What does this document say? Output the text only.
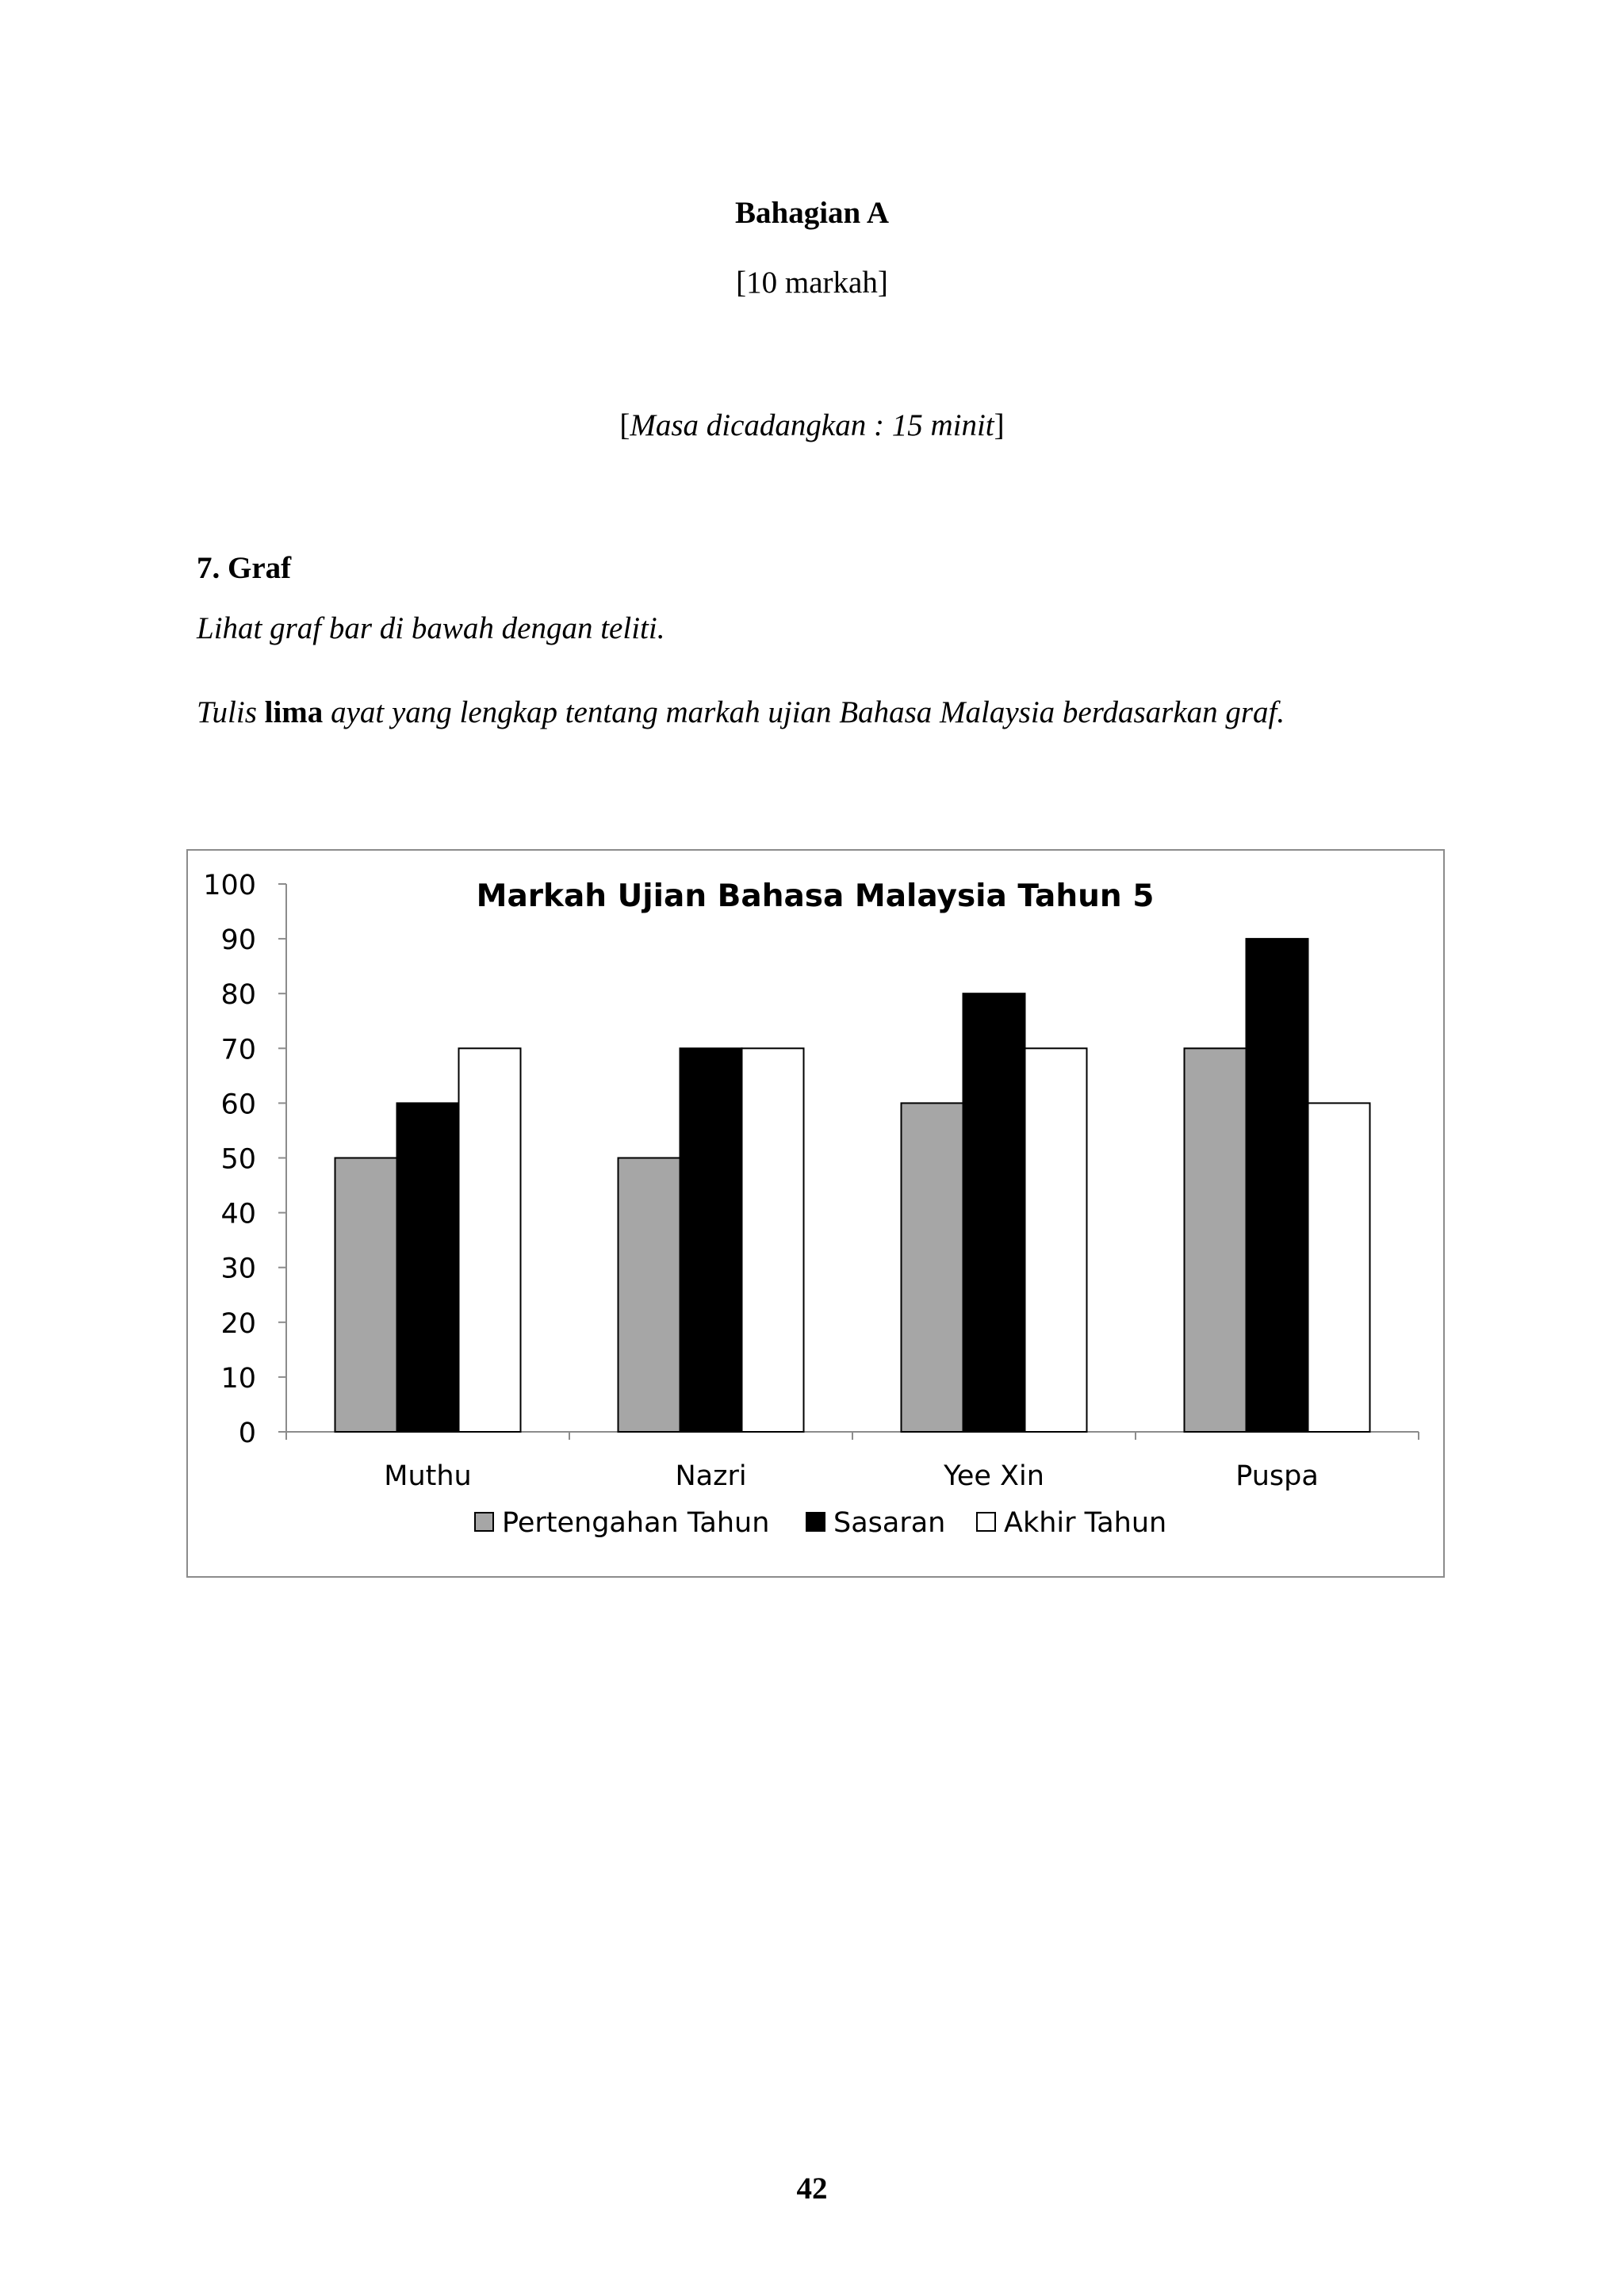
Bahagian A
[10 markah]
[Masa dicadangkan : 15 minit]
7. Graf
Lihat graf bar di bawah dengan teliti.
Tulis lima ayat yang lengkap tentang markah ujian Bahasa Malaysia berdasarkan graf.
Markah Ujian Bahasa Malaysia Tahun 5
0
10
20
30
40
50
60
70
80
90
100
Muthu	Nazri	Yee Xin	Puspa
Pertengahan Tahun Sasaran Akhir Tahun
42
